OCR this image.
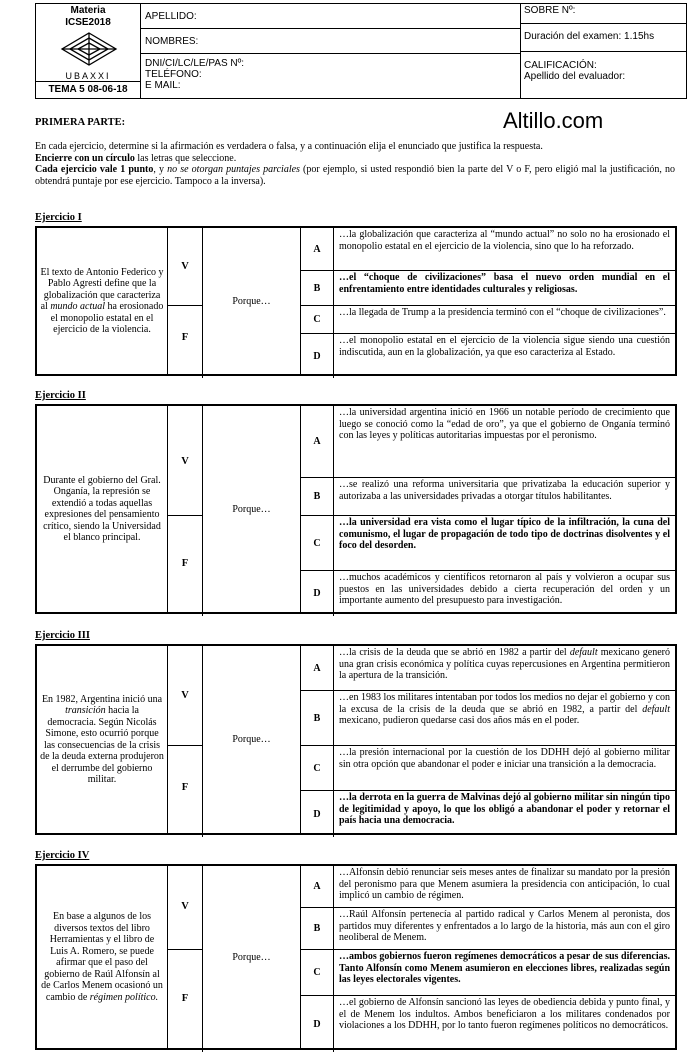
Materia
ICSE2018
UBAXXI
TEMA 5 08-06-18
APELLIDO:
NOMBRES:
DNI/CI/LC/LE/PAS Nº:
TELÉFONO:
E MAIL:
SOBRE Nº:
Duración del examen: 1.15hs
CALIFICACIÓN:
Apellido del evaluador:
Altillo.com
PRIMERA PARTE:
En cada ejercicio, determine si la afirmación es verdadera o falsa, y a continuación elija el enunciado que justifica la respuesta.
Encierre con un círculo las letras que seleccione.
Cada ejercicio vale 1 punto, y no se otorgan puntajes parciales (por ejemplo, si usted respondió bien la parte del V o F, pero eligió mal la justificación, no obtendrá puntaje por ese ejercicio. Tampoco a la inversa).
Ejercicio I
El texto de Antonio Federico y Pablo Agresti define que la globalización que caracteriza al mundo actual ha erosionado el monopolio estatal en el ejercicio de la violencia.
V
F
Porque…
A
…la globalización que caracteriza al “mundo actual” no solo no ha erosionado el monopolio estatal en el ejercicio de la violencia, sino que lo ha reforzado.
B
…el “choque de civilizaciones” basa el nuevo orden mundial en el enfrentamiento entre identidades culturales y religiosas.
C
…la llegada de Trump a la presidencia terminó con el “choque de civilizaciones”.
D
…el monopolio estatal en el ejercicio de la violencia sigue siendo una cuestión indiscutida, aun en la globalización, ya que eso caracteriza al Estado.
Ejercicio II
Durante el gobierno del Gral. Onganía, la represión se extendió a todas aquellas expresiones del pensamiento crítico, siendo la Universidad el blanco principal.
V
F
Porque…
A
…la universidad argentina inició en 1966 un notable período de crecimiento que luego se conoció como la “edad de oro”, ya que el gobierno de Onganía terminó con las leyes y políticas autoritarias impuestas por el peronismo.
B
…se realizó una reforma universitaria que privatizaba la educación superior y autorizaba a las universidades privadas a otorgar títulos habilitantes.
C
…la universidad era vista como el lugar típico de la infiltración, la cuna del comunismo, el lugar de propagación de todo tipo de doctrinas disolventes y el foco del desorden.
D
…muchos académicos y científicos retornaron al país y volvieron a ocupar sus puestos en las universidades debido a cierta recuperación del orden y un importante aumento del presupuesto para investigación.
Ejercicio III
En 1982, Argentina inició una transición hacia la democracia. Según Nicolás Simone, esto ocurrió porque las consecuencias de la crisis de la deuda externa produjeron el derrumbe del gobierno militar.
V
F
Porque…
A
…la crisis de la deuda que se abrió en 1982 a partir del default mexicano generó una gran crisis económica y política cuyas repercusiones en Argentina permitieron la apertura de la transición.
B
…en 1983 los militares intentaban por todos los medios no dejar el gobierno y con la excusa de la crisis de la deuda que se abrió en 1982, a partir del default mexicano, pudieron quedarse casi dos años más en el poder.
C
…la presión internacional por la cuestión de los DDHH dejó al gobierno militar sin otra opción que abandonar el poder e iniciar una transición a la democracia.
D
…la derrota en la guerra de Malvinas dejó al gobierno militar sin ningún tipo de legitimidad y apoyo, lo que los obligó a abandonar el poder y retornar el país hacia una democracia.
Ejercicio IV
En base a algunos de los diversos textos del libro Herramientas y el libro de Luis A. Romero, se puede afirmar que el paso del gobierno de Raúl Alfonsín al de Carlos Menem ocasionó un cambio de régimen político.
V
F
Porque…
A
…Alfonsín debió renunciar seis meses antes de finalizar su mandato por la presión del peronismo para que Menem asumiera la presidencia con anticipación, lo cual implicó un cambio de régimen.
B
…Raúl Alfonsín pertenecía al partido radical y Carlos Menem al peronista, dos partidos muy diferentes y enfrentados a lo largo de la historia, más aun con el giro neoliberal de Menem.
C
…ambos gobiernos fueron regímenes democráticos a pesar de sus diferencias. Tanto Alfonsín como Menem asumieron en elecciones libres, realizadas según las leyes electorales vigentes.
D
…el gobierno de Alfonsín sancionó las leyes de obediencia debida y punto final, y el de Menem los indultos. Ambos beneficiaron a los militares condenados por violaciones a los DDHH, por lo tanto fueron regímenes políticos no democráticos.
